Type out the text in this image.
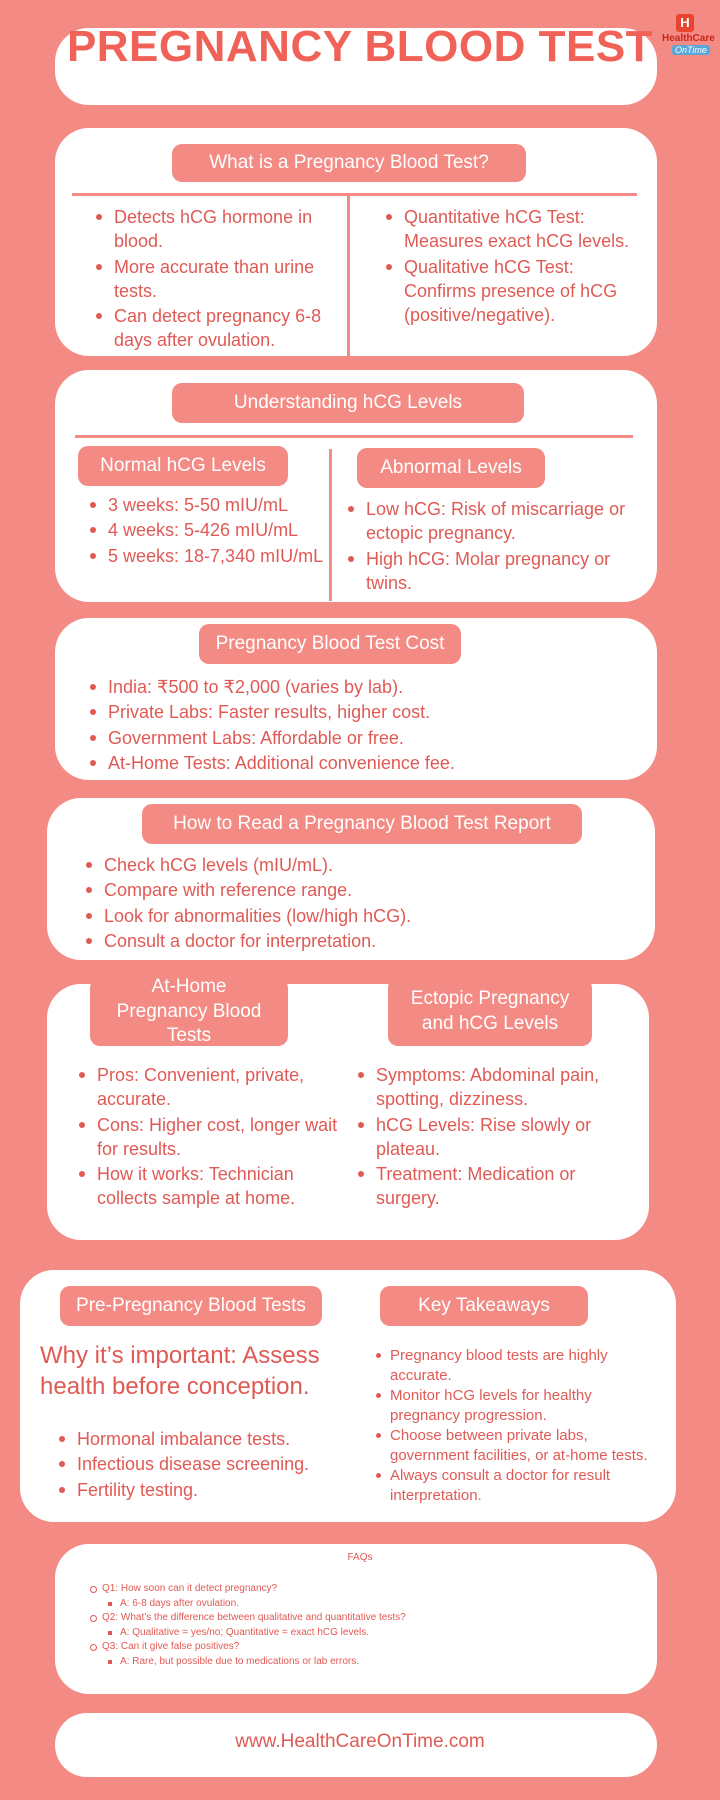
PREGNANCY BLOOD TEST	H
HealthCare
OnTime
What is a Pregnancy Blood Test?
Detects hCG hormone in blood.
More accurate than urine tests.
Can detect pregnancy 6-8 days after ovulation.
Quantitative hCG Test: Measures exact hCG levels.
Qualitative hCG Test: Confirms presence of hCG (positive/negative).
Understanding hCG Levels
Normal hCG Levels	Abnormal Levels
3 weeks: 5-50 mIU/mL
4 weeks: 5-426 mIU/mL
5 weeks: 18-7,340 mIU/mL
Low hCG: Risk of miscarriage or ectopic pregnancy.
High hCG: Molar pregnancy or twins.
Pregnancy Blood Test Cost
India: ₹500 to ₹2,000 (varies by lab).
Private Labs: Faster results, higher cost.
Government Labs: Affordable or free.
At-Home Tests: Additional convenience fee.
How to Read a Pregnancy Blood Test Report
Check hCG levels (mIU/mL).
Compare with reference range.
Look for abnormalities (low/high hCG).
Consult a doctor for interpretation.
At-Home Pregnancy Blood Tests
Ectopic Pregnancy and hCG Levels
Pros: Convenient, private, accurate.
Cons: Higher cost, longer wait for results.
How it works: Technician collects sample at home.
Symptoms: Abdominal pain, spotting, dizziness.
hCG Levels: Rise slowly or plateau.
Treatment: Medication or surgery.
Pre-Pregnancy Blood Tests	Key Takeaways
Why it’s important: Assess health before conception.
Hormonal imbalance tests.
Infectious disease screening.
Fertility testing.
Pregnancy blood tests are highly accurate.
Monitor hCG levels for healthy pregnancy progression.
Choose between private labs, government facilities, or at-home tests.
Always consult a doctor for result interpretation.
FAQs
Q1: How soon can it detect pregnancy?
A: 6-8 days after ovulation.
Q2: What’s the difference between qualitative and quantitative tests?
A: Qualitative = yes/no; Quantitative = exact hCG levels.
Q3: Can it give false positives?
A: Rare, but possible due to medications or lab errors.
www.HealthCareOnTime.com
